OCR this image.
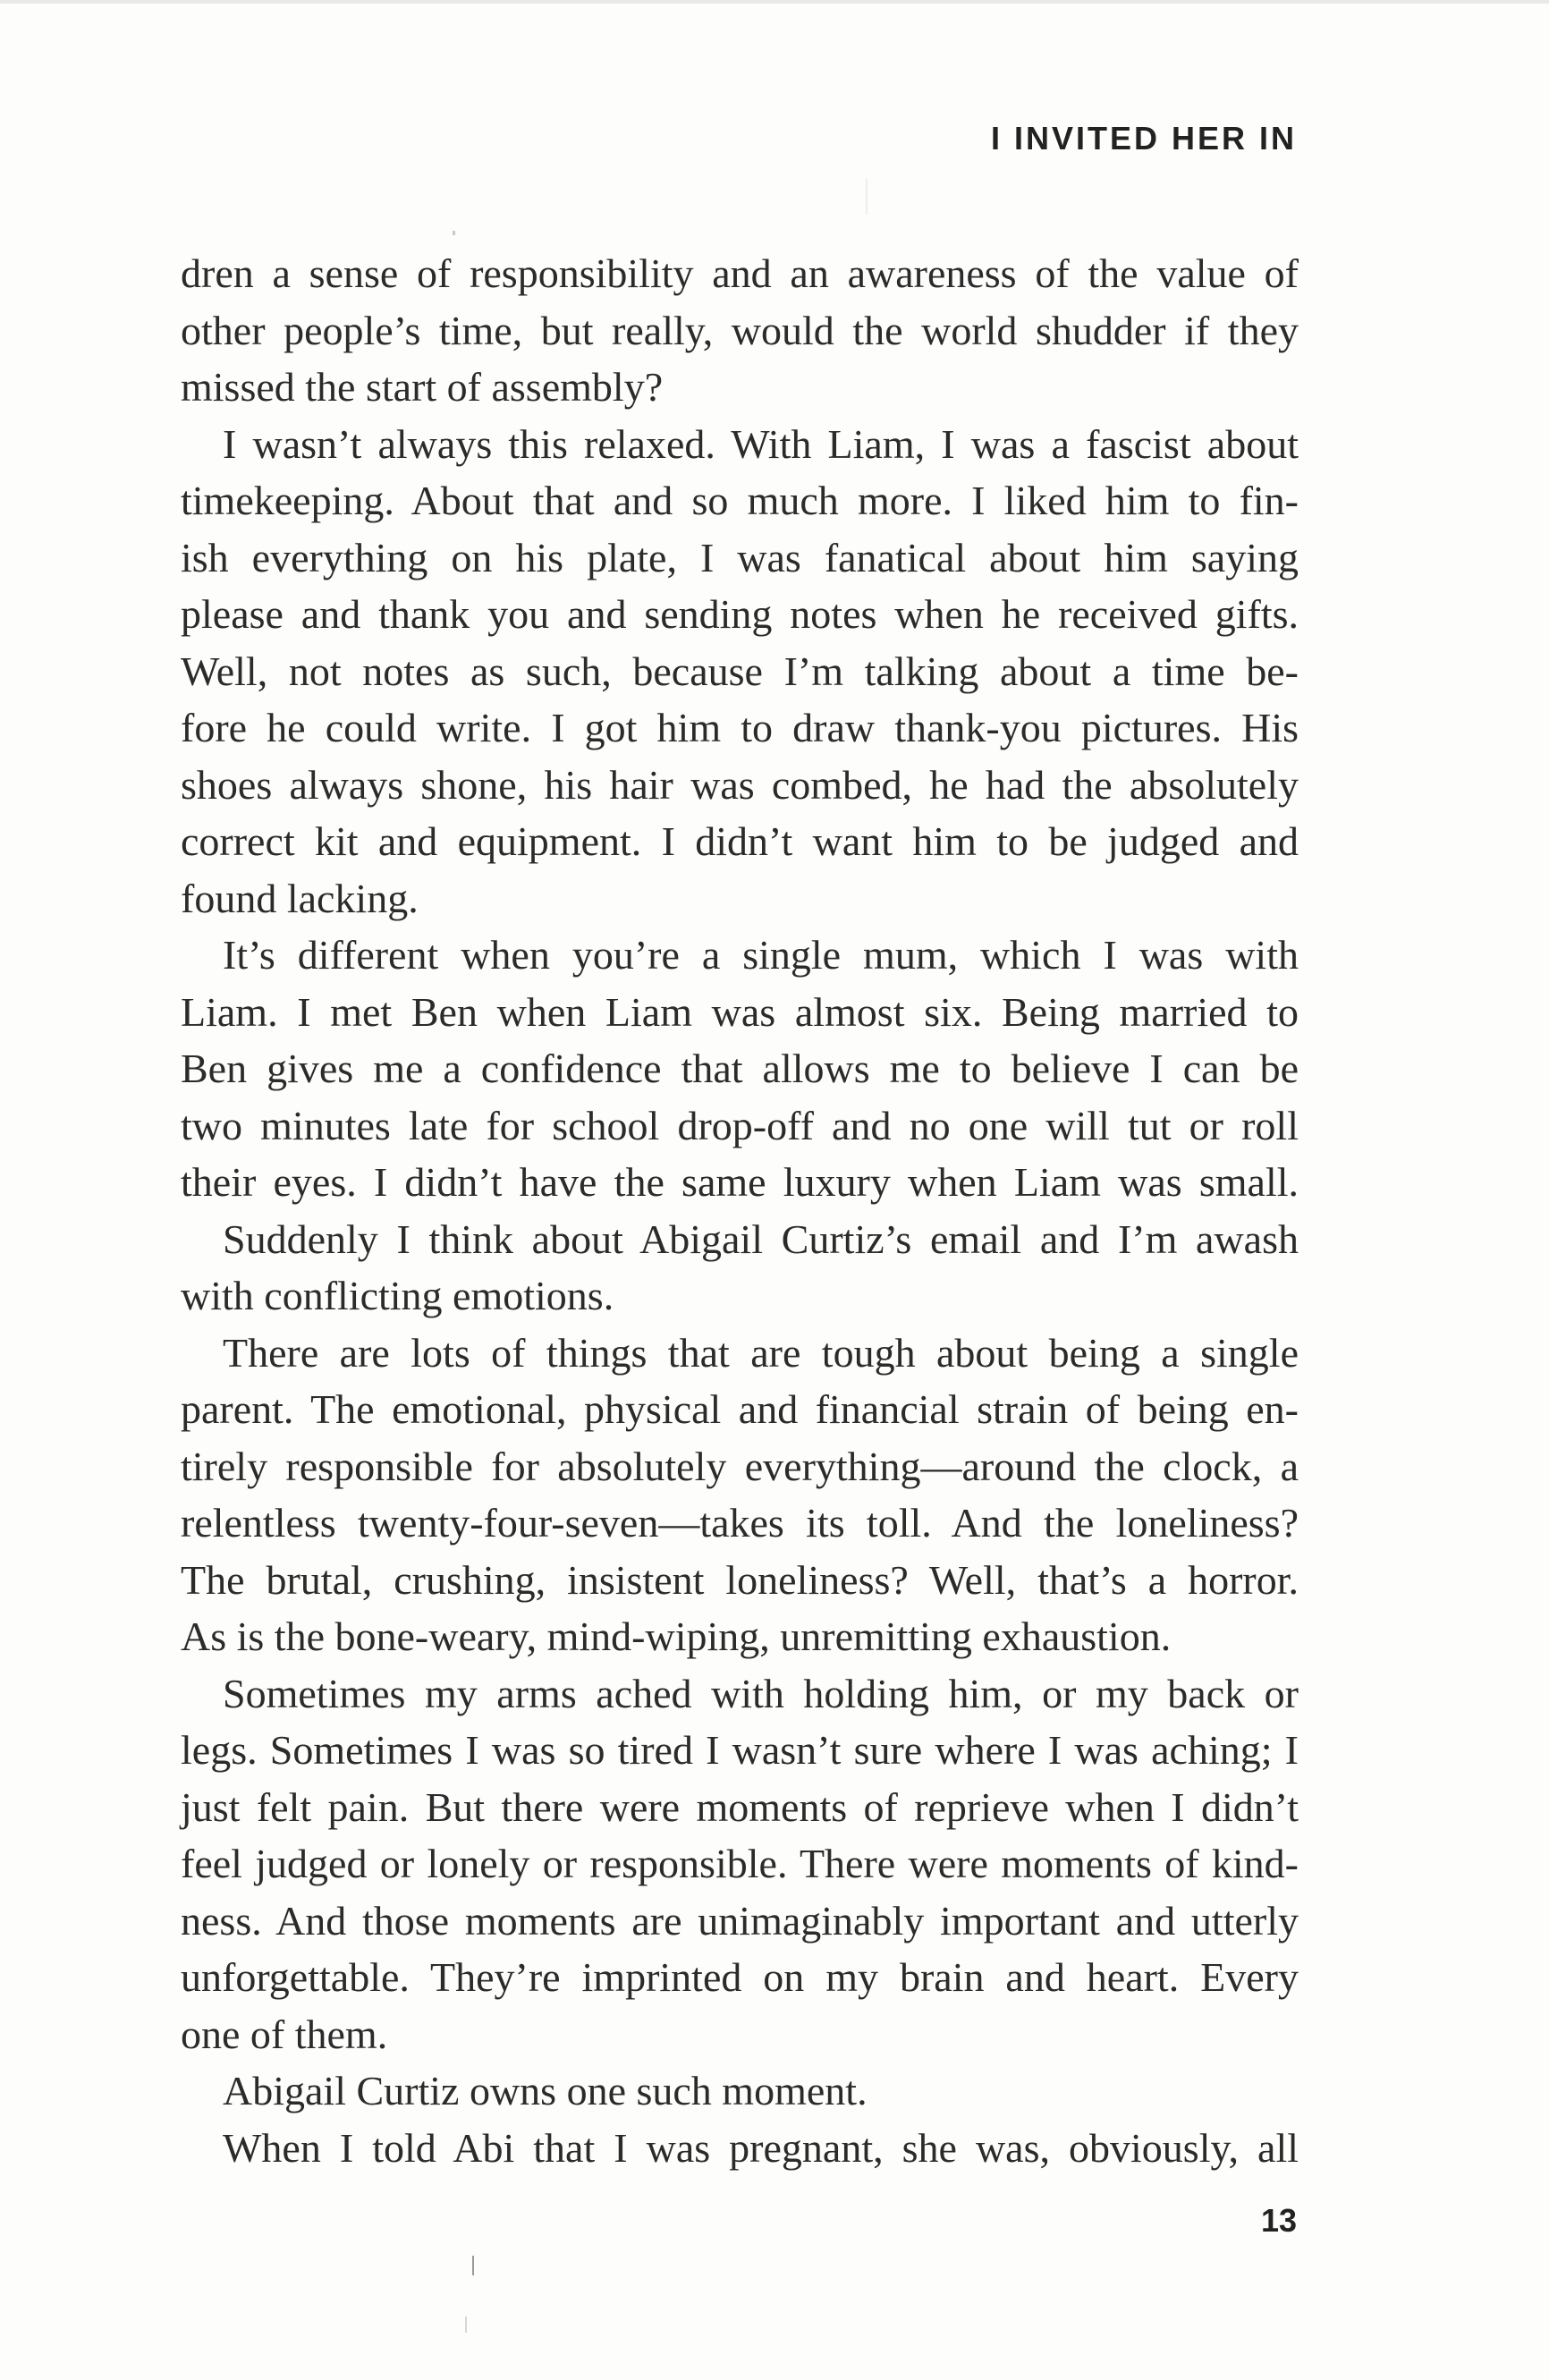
I INVITED HER IN
dren a sense of responsibility and an awareness of the value of
other people’s time, but really, would the world shudder if they
missed the start of assembly?
I wasn’t always this relaxed. With Liam, I was a fascist about
timekeeping. About that and so much more. I liked him to fin-
ish everything on his plate, I was fanatical about him saying
please and thank you and sending notes when he received gifts.
Well, not notes as such, because I’m talking about a time be-
fore he could write. I got him to draw thank-you pictures. His
shoes always shone, his hair was combed, he had the absolutely
correct kit and equipment. I didn’t want him to be judged and
found lacking.
It’s different when you’re a single mum, which I was with
Liam. I met Ben when Liam was almost six. Being married to
Ben gives me a confidence that allows me to believe I can be
two minutes late for school drop-off and no one will tut or roll
their eyes. I didn’t have the same luxury when Liam was small.
Suddenly I think about Abigail Curtiz’s email and I’m awash
with conflicting emotions.
There are lots of things that are tough about being a single
parent. The emotional, physical and financial strain of being en-
tirely responsible for absolutely everything—around the clock, a
relentless twenty-four-seven—takes its toll. And the loneliness?
The brutal, crushing, insistent loneliness? Well, that’s a horror.
As is the bone-weary, mind-wiping, unremitting exhaustion.
Sometimes my arms ached with holding him, or my back or
legs. Sometimes I was so tired I wasn’t sure where I was aching; I
just felt pain. But there were moments of reprieve when I didn’t
feel judged or lonely or responsible. There were moments of kind-
ness. And those moments are unimaginably important and utterly
unforgettable. They’re imprinted on my brain and heart. Every
one of them.
Abigail Curtiz owns one such moment.
When I told Abi that I was pregnant, she was, obviously, all
13
